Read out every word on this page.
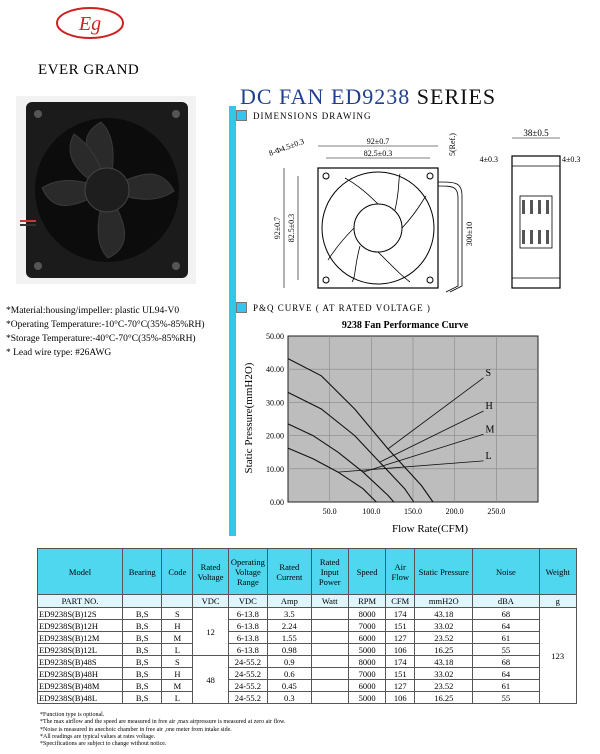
Eg
EVER GRAND
DC FAN ED9238 SERIES
DIMENSIONS DRAWING
92±0.7
82.5±0.3
8-Φ4.5±0.3
92±0.7 82.5±0.3
5(Ref.)
300±10
38±0.5
4±0.3	4±0.3
*Material:housing/impeller: plastic UL94-V0
*Operating Temperature:-10°C-70°C(35%-85%RH)
*Storage Temperature:-40°C-70°C(35%-85%RH)
* Lead wire type: #26AWG
P&Q CURVE ( AT RATED VOLTAGE )
9238 Fan Performance Curve
Static Pressure(mmH2O)
Flow Rate(CFM)
0.00
10.00
20.00
30.00
40.00
50.00
50.0	100.0	150.0	200.0	250.0
S
H
M
L
Model	Bearing	Code	Rated Voltage	Operating Voltage Range	Rated Current	Rated Input Power	Speed	Air Flow	Static Pressure	Noise	Weight
PART NO.			VDC	VDC	Amp	Watt	RPM	CFM	mmH2O	dBA	g
ED9238S(B)12S	B,S	S	12	6-13.8	3.5		8000	174	43.18	68	123
ED9238S(B)12H	B,S	H		6-13.8	2.24		7000	151	33.02	64	
ED9238S(B)12M	B,S	M		6-13.8	1.55		6000	127	23.52	61	
ED9238S(B)12L	B,S	L		6-13.8	0.98		5000	106	16.25	55	
ED9238S(B)48S	B,S	S	48	24-55.2	0.9		8000	174	43.18	68	
ED9238S(B)48H	B,S	H		24-55.2	0.6		7000	151	33.02	64	
ED9238S(B)48M	B,S	M		24-55.2	0.45		6000	127	23.52	61	
ED9238S(B)48L	B,S	L		24-55.2	0.3		5000	106	16.25	55	
*Function type is optional.
*The max airflow and the speed are measured in free air ,max airpressure is measured at zero air flow.
*Noise is measured in anechoic chamber in free air ,one meter from intake side.
*All readings are typical values at rates voltage.
*Specifications are subject to change without notice.
